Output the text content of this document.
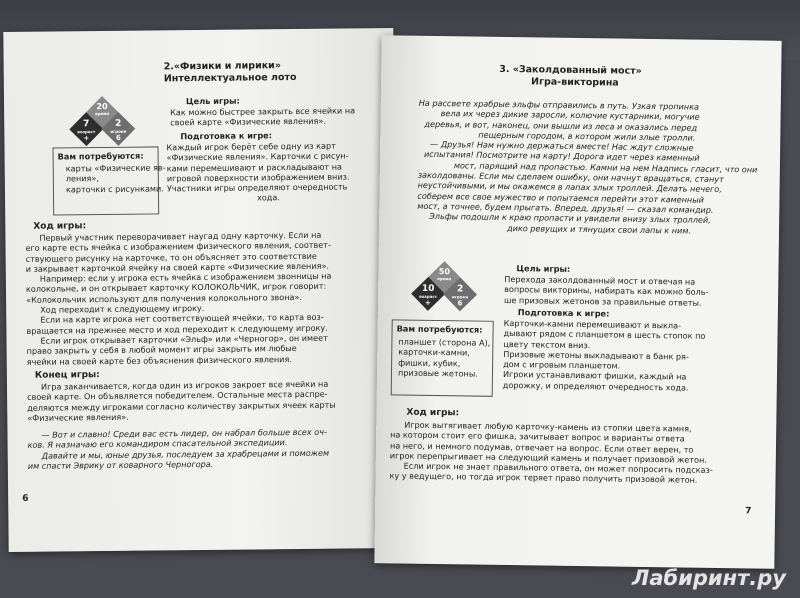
2.«Физики и лирики»
Интеллектуальное лото
20
время
7
возраст
+
2
игроки
6
Цель игры:
Как можно быстрее закрыть все ячейки на
своей карте «Физические явления».
Подготовка к игре:
Каждый игрок берёт себе одну из карт
«Физические явления». Карточки с рисун-
ками перемешивают и раскладывают на
игровой поверхности изображением вниз.
Участники игры определяют очередность
хода.
Вам потребуются:
карты «Физические яв-
ления»,
карточки с рисунками.
Ход игры:
Первый участник переворачивает наугад одну карточку. Если на
его карте есть ячейка с изображением физического явления, соответ-
ствующего рисунку на карточке, то он объясняет это соответствие
и закрывает карточкой ячейку на своей карте «Физические явления».
Например: если у игрока есть ячейка с изображением звонницы на
колокольне, и он открывает карточку КОЛОКОЛЬЧИК, игрок говорит:
«Колокольчик используют для получения колокольного звона».
Ход переходит к следующему игроку.
Если на карте игрока нет соответствующей ячейки, то карта воз-
вращается на прежнее место и ход переходит к следующему игроку.
Если игрок открывает карточки «Эльф» или «Черногор», он имеет
право закрыть у себя в любой момент игры закрыть им любые
ячейки на своей карте без объяснения физического явления.
Конец игры:
Игра заканчивается, когда один из игроков закроет все ячейки на
своей карте. Он объявляется победителем. Остальные места распре-
деляются между игроками согласно количеству закрытых ячеек карты
«Физические явления».
— Вот и славно! Среди вас есть лидер, он набрал больше всех оч-
ков. Я назначаю его командиром спасательной экспедиции.
Давайте и мы, юные друзья, последуем за храбрецами и поможем
им спасти Эврику от коварного Черногора.
6
3. «Заколдованный мост»
Игра-викторина
На рассвете храбрые эльфы отправились в путь. Узкая тропинка
вела их через дикие заросли, колючие кустарники, могучие
деревья, и вот, наконец, они вышли из леса и оказались перед
пещерным городом, в котором жили злые тролли.
— Друзья! Нам нужно держаться вместе! Нас ждут сложные
испытания! Посмотрите на карту! Дорога идет через каменный
мост, парящий над пропастью. Камни на нем Надпись гласит, что они
заколдованы. Если мы сделаем ошибку, они начнут вращаться, станут
неустойчивыми, и мы окажемся в лапах злых троллей. Делать нечего,
соберем все свое мужество и попытаемся перейти этот каменный
мост, а точнее, будем прыгать. Вперед, друзья! — сказал командир.
Эльфы подошли к краю пропасти и увидели внизу злых троллей,
дико ревущих и тянущих свои лапы к ним.
50
время
10
возраст
+
2
игроки
6
Цель игры:
Перехода заколдованный мост и отвечая на
вопросы викторины, набирать как можно боль-
ше призовых жетонов за правильные ответы.
Подготовка к игре:
Карточки-камни перемешивают и выкла-
дывают рядом с планшетом в шесть стопок по
цвету текстом вниз.
Призовые жетоны выкладывают в банк ря-
дом с игровым планшетом.
Игроки устанавливают фишки, каждый на
дорожку, и определяют очередность хода.
Вам потребуются:
планшет (сторона А),
карточки-камни,
фишки, кубик,
призовые жетоны.
Ход игры:
Игрок вытягивает любую карточку-камень из стопки цвета камня,
на котором стоит его фишка, зачитывает вопрос и варианты ответа
на него, и немного подумав, отвечает на вопрос. Если ответ верен, то
игрок перепрыгивает на следующий камень и получает призовой жетон.
Если игрок не знает правильного ответа, он может попросить подсказ-
ку у ведущего, но тогда игрок теряет право получить призовой жетон.
7
Лабиринт.ру
